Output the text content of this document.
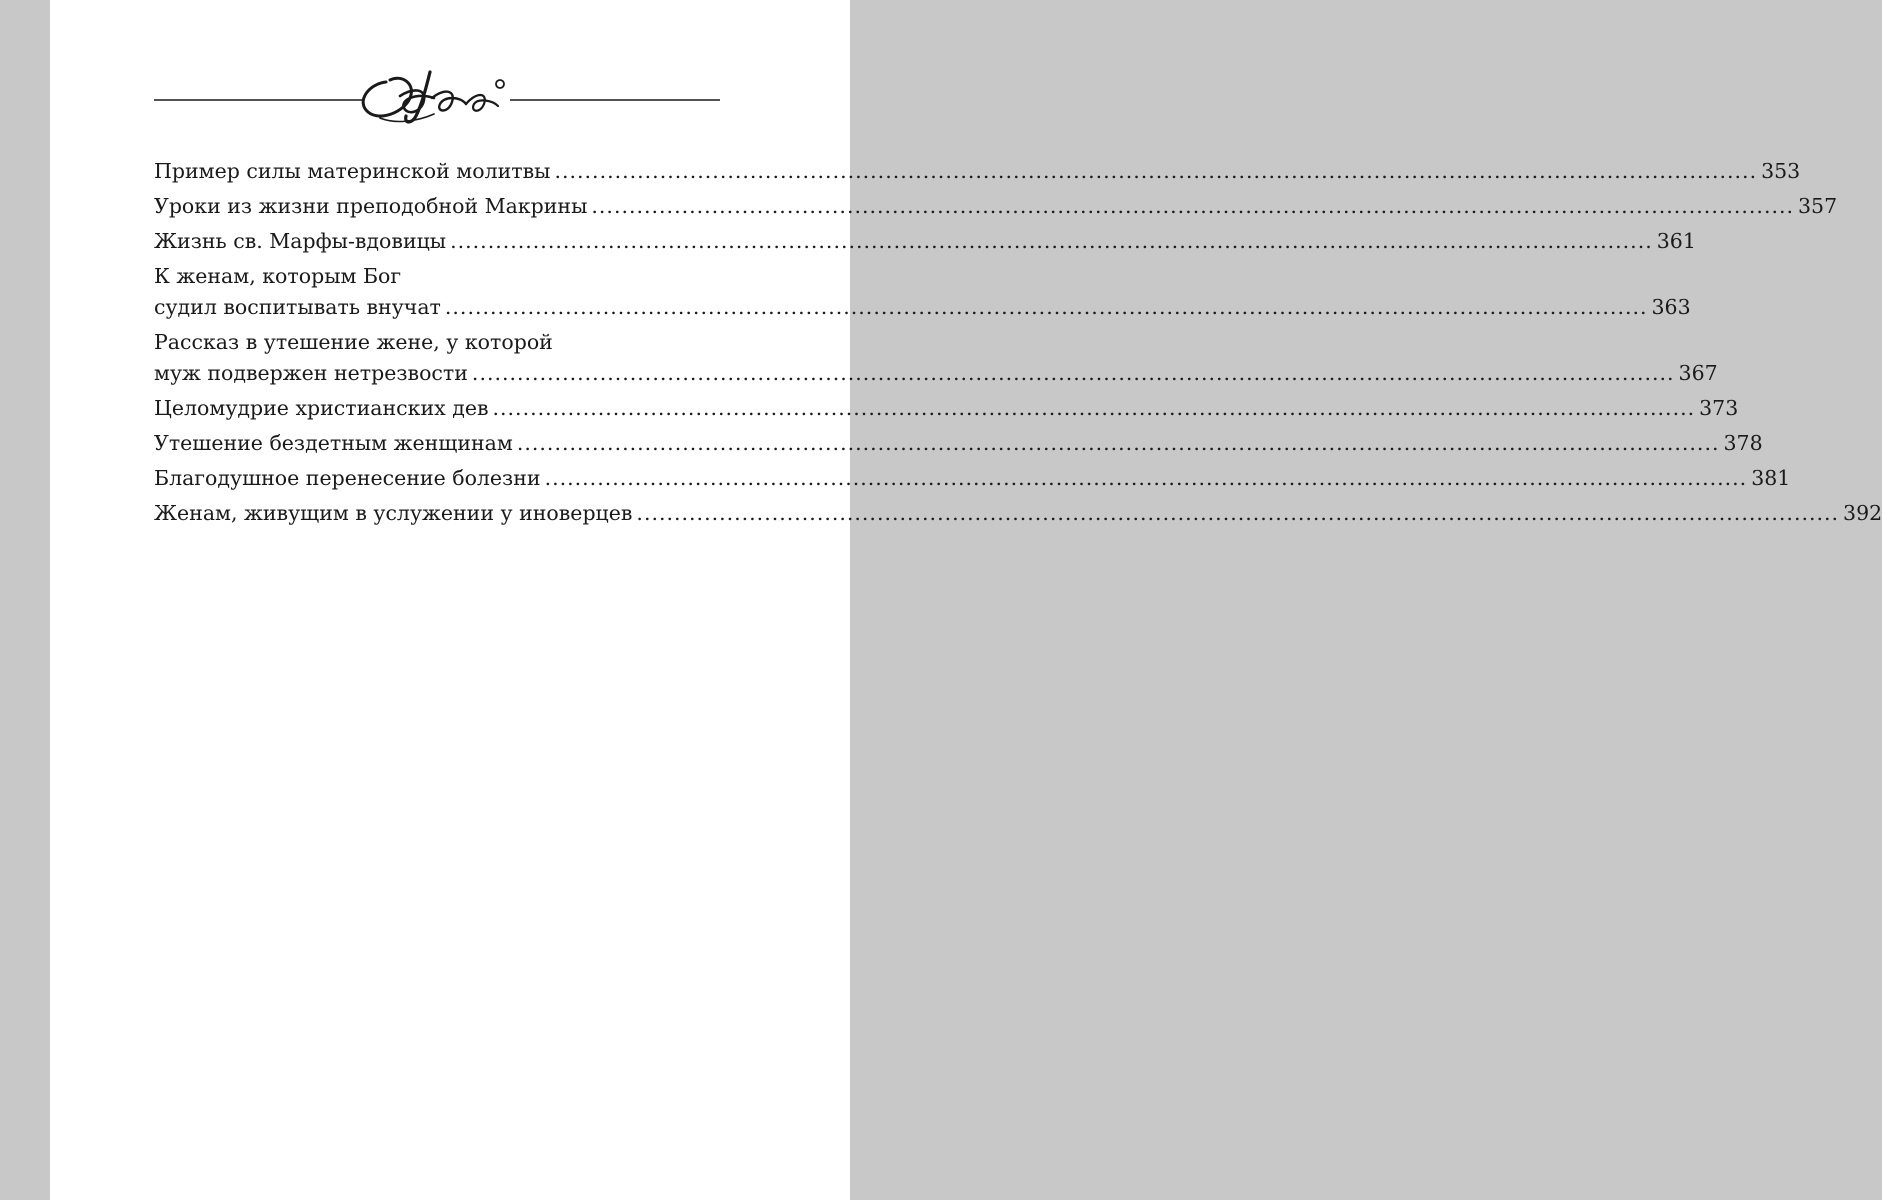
Пример силы материнской молитвы .....	353
Уроки из жизни преподобной Макрины .....	357
Жизнь св. Марфы-вдовицы .....	361
К женам, которым Бог
судил воспитывать внучат .....	363
Рассказ в утешение жене, у которой
муж подвержен нетрезвости .....	367
Целомудрие христианских дев .....	373
Утешение бездетным женщинам .....	378
Благодушное перенесение болезни .....	381
Женам, живущим в услужении у иноверцев .....	392
